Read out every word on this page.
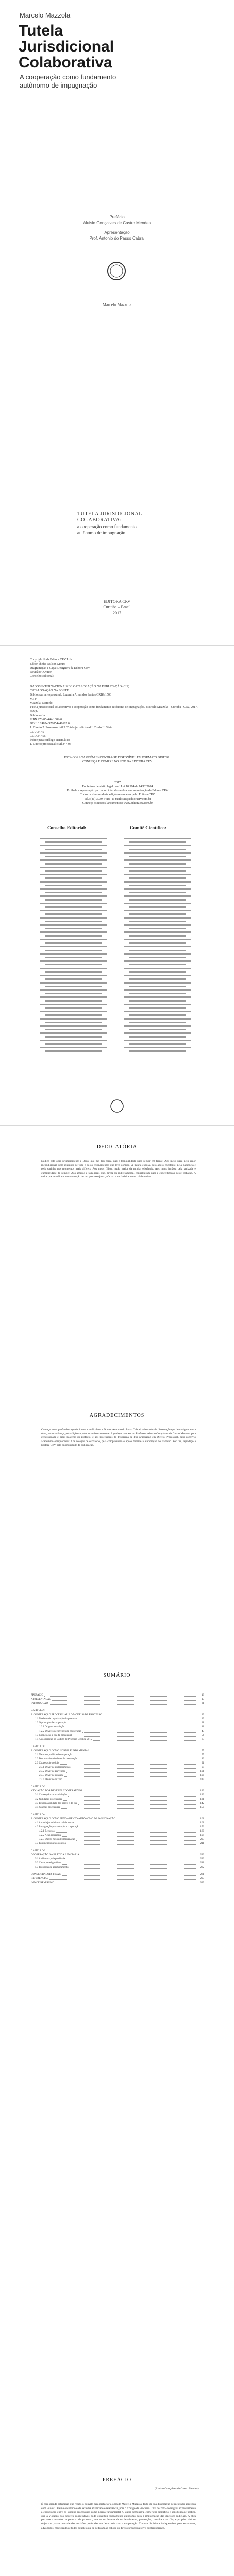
Marcelo Mazzola
Tutela
Jurisdicional
Colaborativa
A cooperação como fundamento
autônomo de impugnação
Prefácio
Aluisio Gonçalves de Castro Mendes
Apresentação
Prof. Antonio do Passo Cabral
Marcelo Mazzola
TUTELA JURISDICIONAL
COLABORATIVA:
a cooperação como fundamento
autônomo de impugnação
EDITORA CRV
Curitiba – Brasil
2017
Copyright © da Editora CRV Ltda.
Editor-chefe: Railson Moura
Diagramação e Capa: Designers da Editora CRV
Revisão: O Autor
Conselho Editorial:
DADOS INTERNACIONAIS DE CATALOGAÇÃO NA PUBLICAÇÃO (CIP)
CATALOGAÇÃO NA FONTE
Bibliotecária responsável: Luzenira Alves dos Santos CRB9/1506
M344
Mazzola, Marcelo.
Tutela jurisdicional colaborativa: a cooperação como fundamento autônomo de impugnação / Marcelo Mazzola – Curitiba : CRV, 2017.
356 p.
Bibliografia
ISBN 978-85-444-1682-0
DOI 10.24824/978854441682.0
1. Direito 2. Processo civil 3. Tutela jurisdicional I. Título II. Série.
CDU 347.9
CDD 347.05
Índice para catálogo sistemático
1. Direito processual civil 347.05
ESTA OBRA TAMBÉM ENCONTRA-SE DISPONÍVEL EM FORMATO DIGITAL.
CONHEÇA E COMPRE NO SITE DA EDITORA CRV.
2017
Foi feito o depósito legal conf. Lei 10.994 de 14/12/2004
Proibida a reprodução parcial ou total desta obra sem autorização da Editora CRV
Todos os direitos desta edição reservados pela: Editora CRV
Tel.: (41) 3039-6418 - E-mail: sac@editoracrv.com.br
Conheça os nossos lançamentos: www.editoracrv.com.br
Conselho Editorial:	Comitê Científico:
DEDICATÓRIA
Dedico esta obra primeiramente a Deus, que me deu força, paz e tranquilidade para seguir em frente. Aos meus pais, pelo amor incondicional, pelo exemplo de vida e pelos ensinamentos que levo comigo. À minha esposa, pelo apoio constante, pela paciência e pelo carinho nos momentos mais difíceis. Aos meus filhos, razão maior da minha existência. Aos meus irmãos, pela amizade e cumplicidade de sempre. Aos amigos e familiares que, direta ou indiretamente, contribuíram para a concretização deste trabalho. A todos que acreditam na construção de um processo justo, efetivo e verdadeiramente colaborativo.
AGRADECIMENTOS
Começo meus profundos agradecimentos ao Professor Doutor Antonio do Passo Cabral, orientador da dissertação que deu origem a esta obra, pela confiança, pelas lições e pelo incentivo constante. Agradeço também ao Professor Aluisio Gonçalves de Castro Mendes, pela generosidade e pelas palavras do prefácio, e aos professores do Programa de Pós-Graduação em Direito Processual, pelo convívio acadêmico enriquecedor. Aos colegas de escritório, pela compreensão e apoio durante a elaboração do trabalho. Por fim, agradeço à Editora CRV pela oportunidade de publicação.
SUMÁRIO
PREFÁCIO	13
APRESENTAÇÃO	17
INTRODUÇÃO	21
CAPÍTULO 1
A COOPERAÇÃO PROCESSUAL E O MODELO DE PROCESSO	29
1.1 Modelos de organização do processo	29
1.2 O princípio da cooperação	38
1.2.1 Origem e evolução	41
1.2.2 Deveres decorrentes da cooperação	47
1.3 Cooperação e boa-fé processual	56
1.4 A cooperação no Código de Processo Civil de 2015	63
CAPÍTULO 2
A COOPERAÇÃO COMO NORMA FUNDAMENTAL	75
2.1 Natureza jurídica da cooperação	75
2.2 Destinatários do dever de cooperação	83
2.3 Cooperação do juiz	91
2.3.1 Dever de esclarecimento	95
2.3.2 Dever de prevenção	101
2.3.3 Dever de consulta	108
2.3.4 Dever de auxílio	115
CAPÍTULO 3
VIOLAÇÃO DOS DEVERES COOPERATIVOS	123
3.1 Consequências da violação	123
3.2 Nulidades processuais	131
3.3 Responsabilidade das partes e do juiz	142
3.4 Sanções processuais	150
CAPÍTULO 4
A COOPERAÇÃO COMO FUNDAMENTO AUTÔNOMO DE IMPUGNAÇÃO	161
4.1 A tutela jurisdicional colaborativa	161
4.2 Impugnação por violação à cooperação	172
4.2.1 Recursos	180
4.2.2 Ação rescisória	194
4.2.3 Outros meios de impugnação	203
4.3 Parâmetros para o controle	211
CAPÍTULO 5
COOPERAÇÃO NA PRÁTICA JUDICIÁRIA	223
5.1 Análise da jurisprudência	223
5.2 Casos paradigmáticos	241
5.3 Propostas de aprimoramento	262
CONSIDERAÇÕES FINAIS	281
REFERÊNCIAS	297
ÍNDICE REMISSIVO	339
PREFÁCIO
(Aluisio Gonçalves de Castro Mendes)
É com grande satisfação que recebi o convite para prefaciar a obra de Marcelo Mazzola, fruto de sua dissertação de mestrado aprovada com louvor. O tema escolhido é de extrema atualidade e relevância, pois o Código de Processo Civil de 2015 consagrou expressamente a cooperação entre os sujeitos processuais como norma fundamental. O autor demonstra, com rigor científico e sensibilidade prática, que a violação dos deveres cooperativos pode constituir fundamento autônomo para a impugnação das decisões judiciais. A obra percorre o modelo cooperativo de processo, analisa os deveres de esclarecimento, prevenção, consulta e auxílio, e propõe critérios objetivos para o controle das decisões proferidas em desacordo com a cooperação. Trata-se de leitura indispensável para estudantes, advogados, magistrados e todos aqueles que se dedicam ao estudo do direito processual civil contemporâneo.
